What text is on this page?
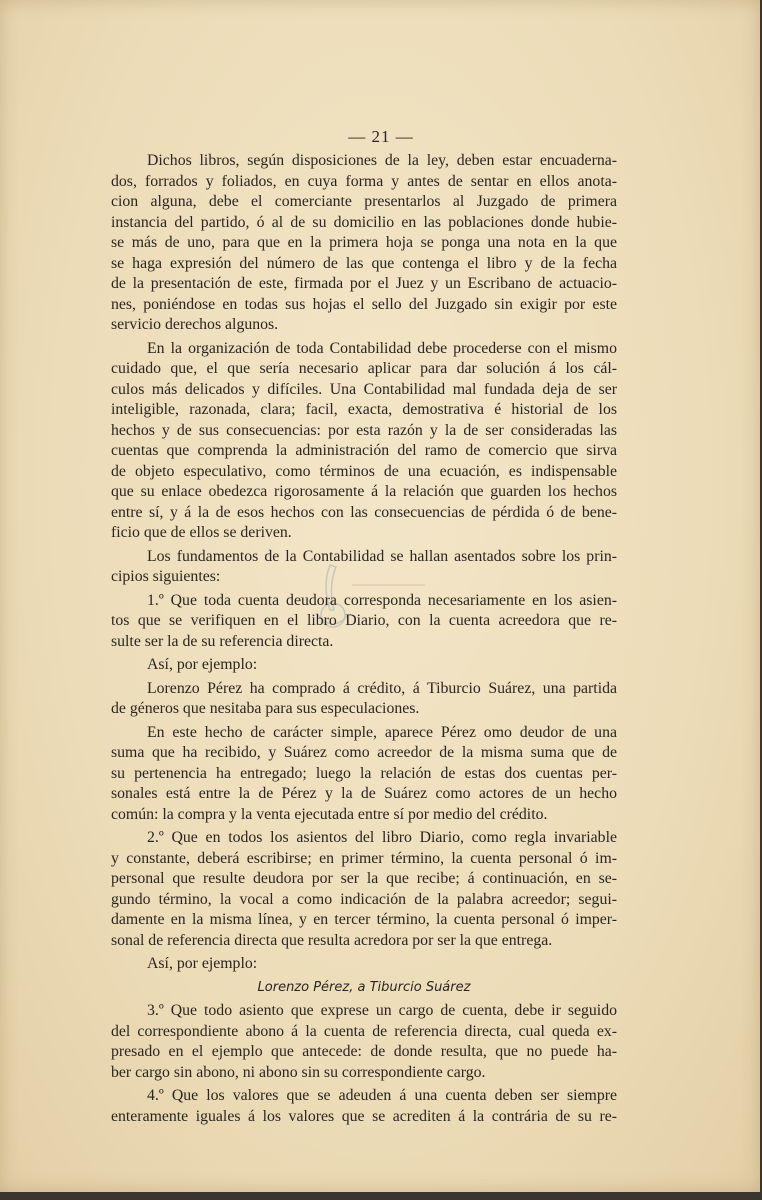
— 21 —
Dichos libros, según disposiciones de la ley, deben estar encuaderna-
dos, forrados y foliados, en cuya forma y antes de sentar en ellos anota-
cion alguna, debe el comerciante presentarlos al Juzgado de primera
instancia del partido, ó al de su domicilio en las poblaciones donde hubie-
se más de uno, para que en la primera hoja se ponga una nota en la que
se haga expresión del número de las que contenga el libro y de la fecha
de la presentación de este, firmada por el Juez y un Escribano de actuacio-
nes, poniéndose en todas sus hojas el sello del Juzgado sin exigir por este
servicio derechos algunos.
En la organización de toda Contabilidad debe procederse con el mismo
cuidado que, el que sería necesario aplicar para dar solución á los cál-
culos más delicados y difíciles. Una Contabilidad mal fundada deja de ser
inteligible, razonada, clara; facil, exacta, demostrativa é historial de los
hechos y de sus consecuencias: por esta razón y la de ser consideradas las
cuentas que comprenda la administración del ramo de comercio que sirva
de objeto especulativo, como términos de una ecuación, es indispensable
que su enlace obedezca rigorosamente á la relación que guarden los hechos
entre sí, y á la de esos hechos con las consecuencias de pérdida ó de bene-
ficio que de ellos se deriven.
Los fundamentos de la Contabilidad se hallan asentados sobre los prin-
cipios siguientes:
1.º Que toda cuenta deudora corresponda necesariamente en los asien-
tos que se verifiquen en el libro Diario, con la cuenta acreedora que re-
sulte ser la de su referencia directa.
Así, por ejemplo:
Lorenzo Pérez ha comprado á crédito, á Tiburcio Suárez, una partida
de géneros que nesitaba para sus especulaciones.
En este hecho de carácter simple, aparece Pérez omo deudor de una
suma que ha recibido, y Suárez como acreedor de la misma suma que de
su pertenencia ha entregado; luego la relación de estas dos cuentas per-
sonales está entre la de Pérez y la de Suárez como actores de un hecho
común: la compra y la venta ejecutada entre sí por medio del crédito.
2.º Que en todos los asientos del libro Diario, como regla invariable
y constante, deberá escribirse; en primer término, la cuenta personal ó im-
personal que resulte deudora por ser la que recibe; á continuación, en se-
gundo término, la vocal a como indicación de la palabra acreedor; segui-
damente en la misma línea, y en tercer término, la cuenta personal ó imper-
sonal de referencia directa que resulta acredora por ser la que entrega.
Así, por ejemplo:
Lorenzo Pérez, a Tiburcio Suárez
3.º Que todo asiento que exprese un cargo de cuenta, debe ir seguido
del correspondiente abono á la cuenta de referencia directa, cual queda ex-
presado en el ejemplo que antecede: de donde resulta, que no puede ha-
ber cargo sin abono, ni abono sin su correspondiente cargo.
4.º Que los valores que se adeuden á una cuenta deben ser siempre
enteramente iguales á los valores que se acrediten á la contrária de su re-
